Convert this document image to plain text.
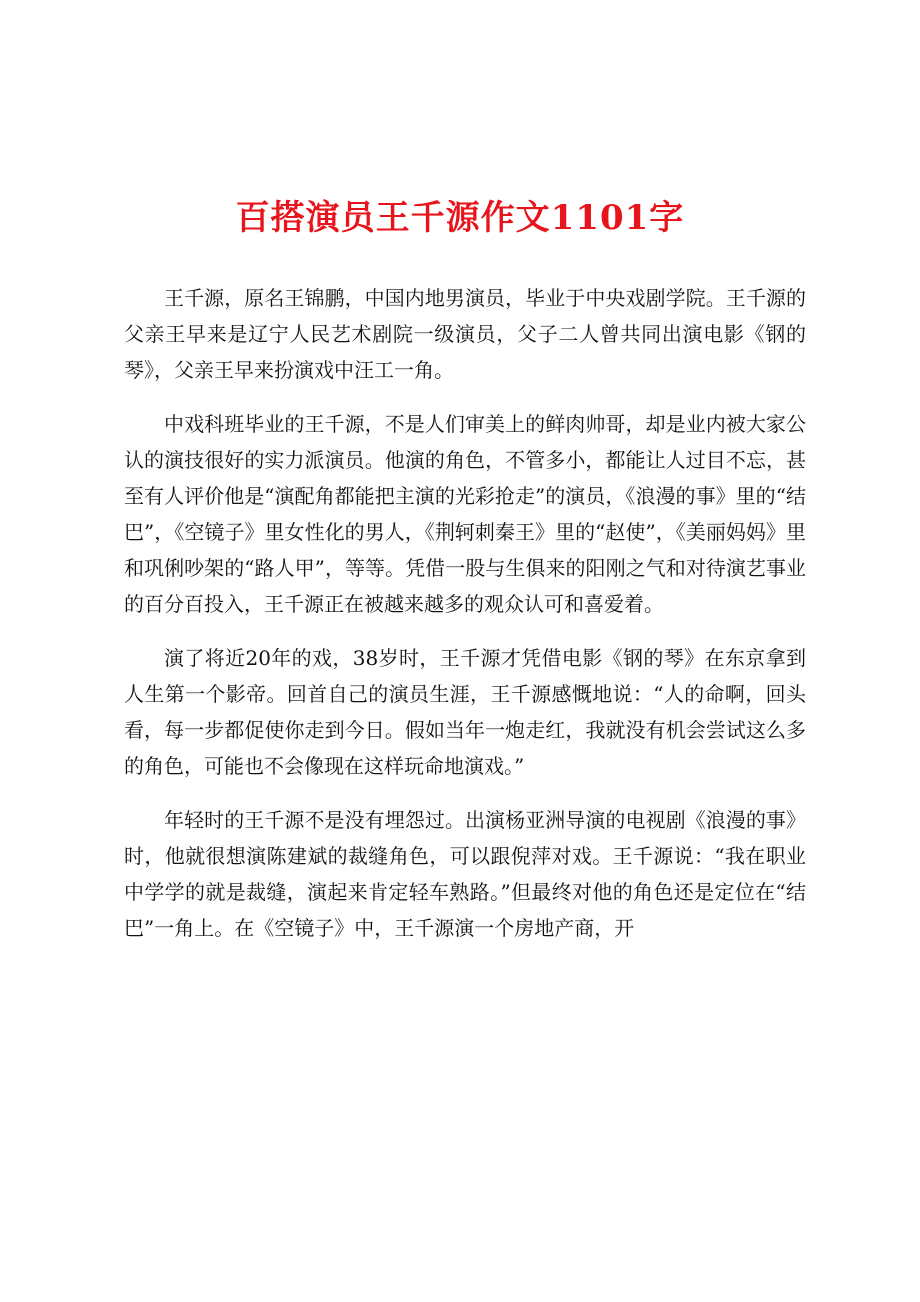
百搭演员王千源作文1101字

王千源，原名王锦鹏，中国内地男演员，毕业于中央戏剧学院。王千源的父亲王早来是辽宁人民艺术剧院一级演员，父子二人曾共同出演电影《钢的琴》，父亲王早来扮演戏中汪工一角。

中戏科班毕业的王千源，不是人们审美上的鲜肉帅哥，却是业内被大家公认的演技很好的实力派演员。他演的角色，不管多小，都能让人过目不忘，甚至有人评价他是“演配角都能把主演的光彩抢走”的演员，《浪漫的事》里的“结巴”，《空镜子》里女性化的男人，《荆轲刺秦王》里的“赵使”，《美丽妈妈》里和巩俐吵架的“路人甲”，等等。凭借一股与生俱来的阳刚之气和对待演艺事业的百分百投入，王千源正在被越来越多的观众认可和喜爱着。

演了将近20年的戏，38岁时，王千源才凭借电影《钢的琴》在东京拿到人生第一个影帝。回首自己的演员生涯，王千源感慨地说：“人的命啊，回头看，每一步都促使你走到今日。假如当年一炮走红，我就没有机会尝试这么多的角色，可能也不会像现在这样玩命地演戏。”

年轻时的王千源不是没有埋怨过。出演杨亚洲导演的电视剧《浪漫的事》时，他就很想演陈建斌的裁缝角色，可以跟倪萍对戏。王千源说：“我在职业中学学的就是裁缝，演起来肯定轻车熟路。”但最终对他的角色还是定位在“结巴”一角上。在《空镜子》中，王千源演一个房地产商，开
